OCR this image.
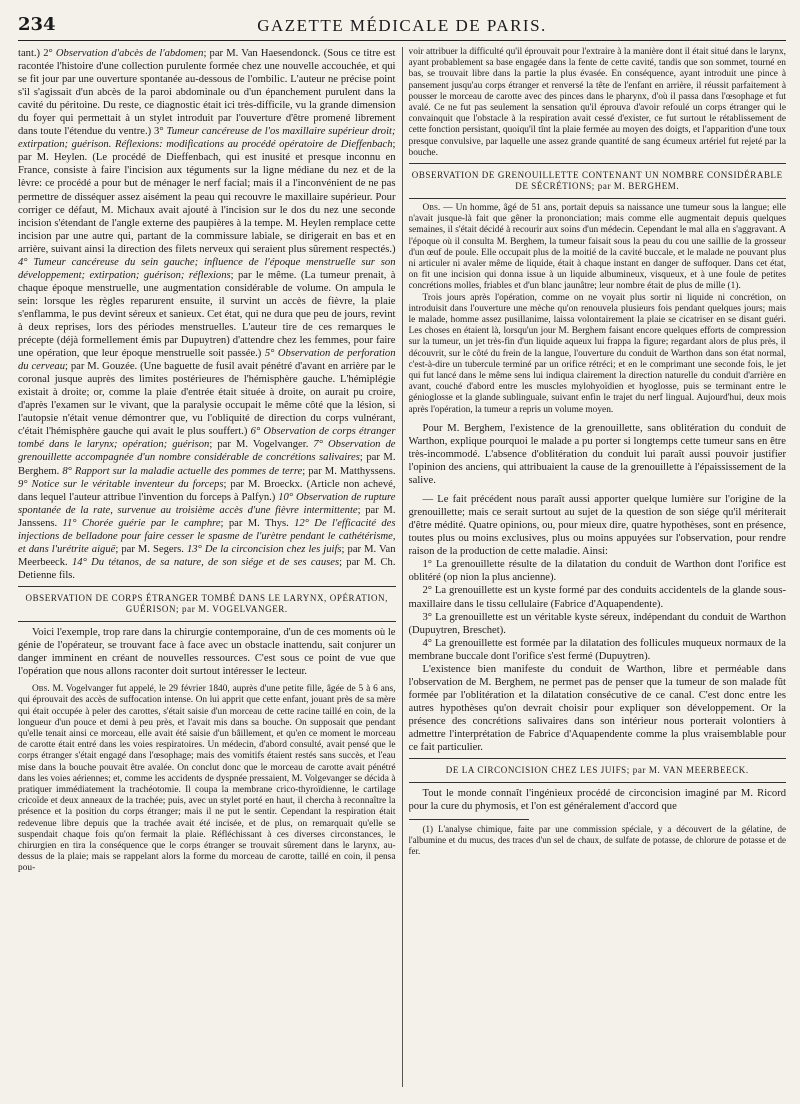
234	GAZETTE MÉDICALE DE PARIS.

tant.) 2° Observation d'abcès de l'abdomen; par M. Van Haesendonck. (Sous ce titre est racontée l'histoire d'une collection purulente formée chez une nouvelle accouchée, et qui se fit jour par une ouverture spontanée au-dessous de l'ombilic. L'auteur ne précise point s'il s'agissait d'un abcès de la paroi abdominale ou d'un épanchement purulent dans la cavité du péritoine. Du reste, ce diagnostic était ici très-difficile, vu la grande dimension du foyer qui permettait à un stylet introduit par l'ouverture d'être promené librement dans toute l'étendue du ventre.) 3° Tumeur cancéreuse de l'os maxillaire supérieur droit; extirpation; guérison. Réflexions: modifications au procédé opératoire de Dieffenbach; par M. Heylen. (Le procédé de Dieffenbach, qui est inusité et presque inconnu en France, consiste à faire l'incision aux téguments sur la ligne médiane du nez et de la lèvre: ce procédé a pour but de ménager le nerf facial; mais il a l'inconvénient de ne pas permettre de disséquer assez aisément la peau qui recouvre le maxillaire supérieur. Pour corriger ce défaut, M. Michaux avait ajouté à l'incision sur le dos du nez une seconde incision s'étendant de l'angle externe des paupières à la tempe. M. Heylen remplace cette incision par une autre qui, partant de la commissure labiale, se dirigerait en bas et en arrière, suivant ainsi la direction des filets nerveux qui seraient plus sûrement respectés.) 4° Tumeur cancéreuse du sein gauche; influence de l'époque menstruelle sur son développement; extirpation; guérison; réflexions; par le même. (La tumeur prenait, à chaque époque menstruelle, une augmentation considérable de volume. On ampula le sein: lorsque les règles reparurent ensuite, il survint un accès de fièvre, la plaie s'enflamma, le pus devint séreux et sanieux. Cet état, qui ne dura que peu de jours, revint à deux reprises, lors des périodes menstruelles. L'auteur tire de ces remarques le précepte (déjà formellement émis par Dupuytren) d'attendre chez les femmes, pour faire une opération, que leur époque menstruelle soit passée.) 5° Observation de perforation du cerveau; par M. Gouzée. (Une baguette de fusil avait pénétré d'avant en arrière par le coronal jusque auprès des limites postérieures de l'hémisphère gauche. L'hémiplégie existait à droite; or, comme la plaie d'entrée était située à droite, on aurait pu croire, d'après l'examen sur le vivant, que la paralysie occupait le même côté que la lésion, si l'autopsie n'était venue démontrer que, vu l'obliquité de direction du corps vulnérant, c'était l'hémisphère gauche qui avait le plus souffert.) 6° Observation de corps étranger tombé dans le larynx; opération; guérison; par M. Vogelvanger. 7° Observation de grenouillette accompagnée d'un nombre considérable de concrétions salivaires; par M. Berghem. 8° Rapport sur la maladie actuelle des pommes de terre; par M. Matthyssens. 9° Notice sur le véritable inventeur du forceps; par M. Broeckx. (Article non achevé, dans lequel l'auteur attribue l'invention du forceps à Palfyn.) 10° Observation de rupture spontanée de la rate, survenue au troisième accès d'une fièvre intermittente; par M. Janssens. 11° Chorée guérie par le camphre; par M. Thys. 12° De l'efficacité des injections de belladone pour faire cesser le spasme de l'urètre pendant le cathétérisme, et dans l'urétrite aiguë; par M. Segers. 13° De la circoncision chez les juifs; par M. Van Meerbeeck. 14° Du tétanos, de sa nature, de son siége et de ses causes; par M. Ch. Detienne fils.

OBSERVATION DE CORPS ÉTRANGER TOMBÉ DANS LE LARYNX, OPÉRATION, GUÉRISON; par M. VOGELVANGER.

Voici l'exemple, trop rare dans la chirurgie contemporaine, d'un de ces moments où le génie de l'opérateur, se trouvant face à face avec un obstacle inattendu, sait conjurer un danger imminent en créant de nouvelles ressources. C'est sous ce point de vue que l'opération que nous allons raconter doit surtout intéresser le lecteur.

Obs. M. Vogelvanger fut appelé, le 29 février 1840, auprès d'une petite fille, âgée de 5 à 6 ans, qui éprouvait des accès de suffocation intense. On lui apprit que cette enfant, jouant près de sa mère qui était occupée à peler des carottes, s'était saisie d'un morceau de cette racine taillé en coin, de la longueur d'un pouce et demi à peu près, et l'avait mis dans sa bouche. On supposait que pendant qu'elle tenait ainsi ce morceau, elle avait été saisie d'un bâillement, et qu'en ce moment le morceau de carotte était entré dans les voies respiratoires. Un médecin, d'abord consulté, avait pensé que le corps étranger s'était engagé dans l'œsophage; mais des vomitifs étaient restés sans succès, et l'eau mise dans la bouche pouvait être avalée. On conclut donc que le morceau de carotte avait pénétré dans les voies aériennes; et, comme les accidents de dyspnée pressaient, M. Volgevanger se décida à pratiquer immédiatement la trachéotomie. Il coupa la membrane crico-thyroïdienne, le cartilage cricoïde et deux anneaux de la trachée; puis, avec un stylet porté en haut, il chercha à reconnaître la présence et la position du corps étranger; mais il ne put le sentir. Cependant la respiration était redevenue libre depuis que la trachée avait été incisée, et de plus, on remarquait qu'elle se suspendait chaque fois qu'on fermait la plaie. Réfléchissant à ces diverses circonstances, le chirurgien en tira la conséquence que le corps étranger se trouvait sûrement dans le larynx, au-dessus de la plaie; mais se rappelant alors la forme du morceau de carotte, taillé en coin, il pensa pou-

voir attribuer la difficulté qu'il éprouvait pour l'extraire à la manière dont il était situé dans le larynx, ayant probablement sa base engagée dans la fente de cette cavité, tandis que son sommet, tourné en bas, se trouvait libre dans la partie la plus évasée. En conséquence, ayant introduit une pince à pansement jusqu'au corps étranger et renversé la tête de l'enfant en arrière, il réussit parfaitement à pousser le morceau de carotte avec des pinces dans le pharynx, d'où il passa dans l'œsophage et fut avalé. Ce ne fut pas seulement la sensation qu'il éprouva d'avoir refoulé un corps étranger qui le convainquit que l'obstacle à la respiration avait cessé d'exister, ce fut surtout le rétablissement de cette fonction persistant, quoiqu'il tînt la plaie fermée au moyen des doigts, et l'apparition d'une toux presque convulsive, par laquelle une assez grande quantité de sang écumeux artériel fut rejeté par la bouche.

OBSERVATION DE GRENOUILLETTE CONTENANT UN NOMBRE CONSIDÉRABLE DE SÉCRÉTIONS; par M. BERGHEM.

Obs. — Un homme, âgé de 51 ans, portait depuis sa naissance une tumeur sous la langue; elle n'avait jusque-là fait que gêner la prononciation; mais comme elle augmentait depuis quelques semaines, il s'était décidé à recourir aux soins d'un médecin. Cependant le mal alla en s'aggravant. A l'époque où il consulta M. Berghem, la tumeur faisait sous la peau du cou une saillie de la grosseur d'un œuf de poule. Elle occupait plus de la moitié de la cavité buccale, et le malade ne pouvant plus ni articuler ni avaler même de liquide, était à chaque instant en danger de suffoquer. Dans cet état, on fit une incision qui donna issue à un liquide albumineux, visqueux, et à une foule de petites concrétions molles, friables et d'un blanc jaunâtre; leur nombre était de plus de mille (1).

Trois jours après l'opération, comme on ne voyait plus sortir ni liquide ni concrétion, on introduisit dans l'ouverture une mèche qu'on renouvela plusieurs fois pendant quelques jours; mais le malade, homme assez pusillanime, laissa volontairement la plaie se cicatriser en se disant guéri. Les choses en étaient là, lorsqu'un jour M. Berghem faisant encore quelques efforts de compression sur la tumeur, un jet très-fin d'un liquide aqueux lui frappa la figure; regardant alors de plus près, il découvrit, sur le côté du frein de la langue, l'ouverture du conduit de Warthon dans son état normal, c'est-à-dire un tubercule terminé par un orifice rétréci; et en le comprimant une seconde fois, le jet qui fut lancé dans le même sens lui indiqua clairement la direction naturelle du conduit d'arrière en avant, couché d'abord entre les muscles mylohyoïdien et hyoglosse, puis se terminant entre le génioglosse et la glande sublinguale, suivant enfin le trajet du nerf lingual. Aujourd'hui, deux mois après l'opération, la tumeur a repris un volume moyen.

Pour M. Berghem, l'existence de la grenouillette, sans oblitération du conduit de Warthon, explique pourquoi le malade a pu porter si longtemps cette tumeur sans en être très-incommodé. L'absence d'oblitération du conduit lui paraît aussi pouvoir justifier l'opinion des anciens, qui attribuaient la cause de la grenouillette à l'épaississement de la salive.

— Le fait précédent nous paraît aussi apporter quelque lumière sur l'origine de la grenouillette; mais ce serait surtout au sujet de la question de son siége qu'il mériterait d'être médité. Quatre opinions, ou, pour mieux dire, quatre hypothèses, sont en présence, toutes plus ou moins exclusives, plus ou moins appuyées sur l'observation, pour rendre raison de la production de cette maladie. Ainsi:

1° La grenouillette résulte de la dilatation du conduit de Warthon dont l'orifice est oblitéré (op nion la plus ancienne).

2° La grenouillette est un kyste formé par des conduits accidentels de la glande sous-maxillaire dans le tissu cellulaire (Fabrice d'Aquapendente).

3° La grenouillette est un véritable kyste séreux, indépendant du conduit de Warthon (Dupuytren, Breschet).

4° La grenouillette est formée par la dilatation des follicules muqueux normaux de la membrane buccale dont l'orifice s'est fermé (Dupuytren).

L'existence bien manifeste du conduit de Warthon, libre et perméable dans l'observation de M. Berghem, ne permet pas de penser que la tumeur de son malade fût formée par l'oblitération et la dilatation consécutive de ce canal. C'est donc entre les autres hypothèses qu'on devrait choisir pour expliquer son développement. Or la présence des concrétions salivaires dans son intérieur nous porterait volontiers à admettre l'interprétation de Fabrice d'Aquapendente comme la plus vraisemblable pour ce fait particulier.

DE LA CIRCONCISION CHEZ LES JUIFS; par M. VAN MEERBEECK.

Tout le monde connaît l'ingénieux procédé de circoncision imaginé par M. Ricord pour la cure du phymosis, et l'on est généralement d'accord que

(1) L'analyse chimique, faite par une commission spéciale, y a découvert de la gélatine, de l'albumine et du mucus, des traces d'un sel de chaux, de sulfate de potasse, de chlorure de potasse et de fer.
